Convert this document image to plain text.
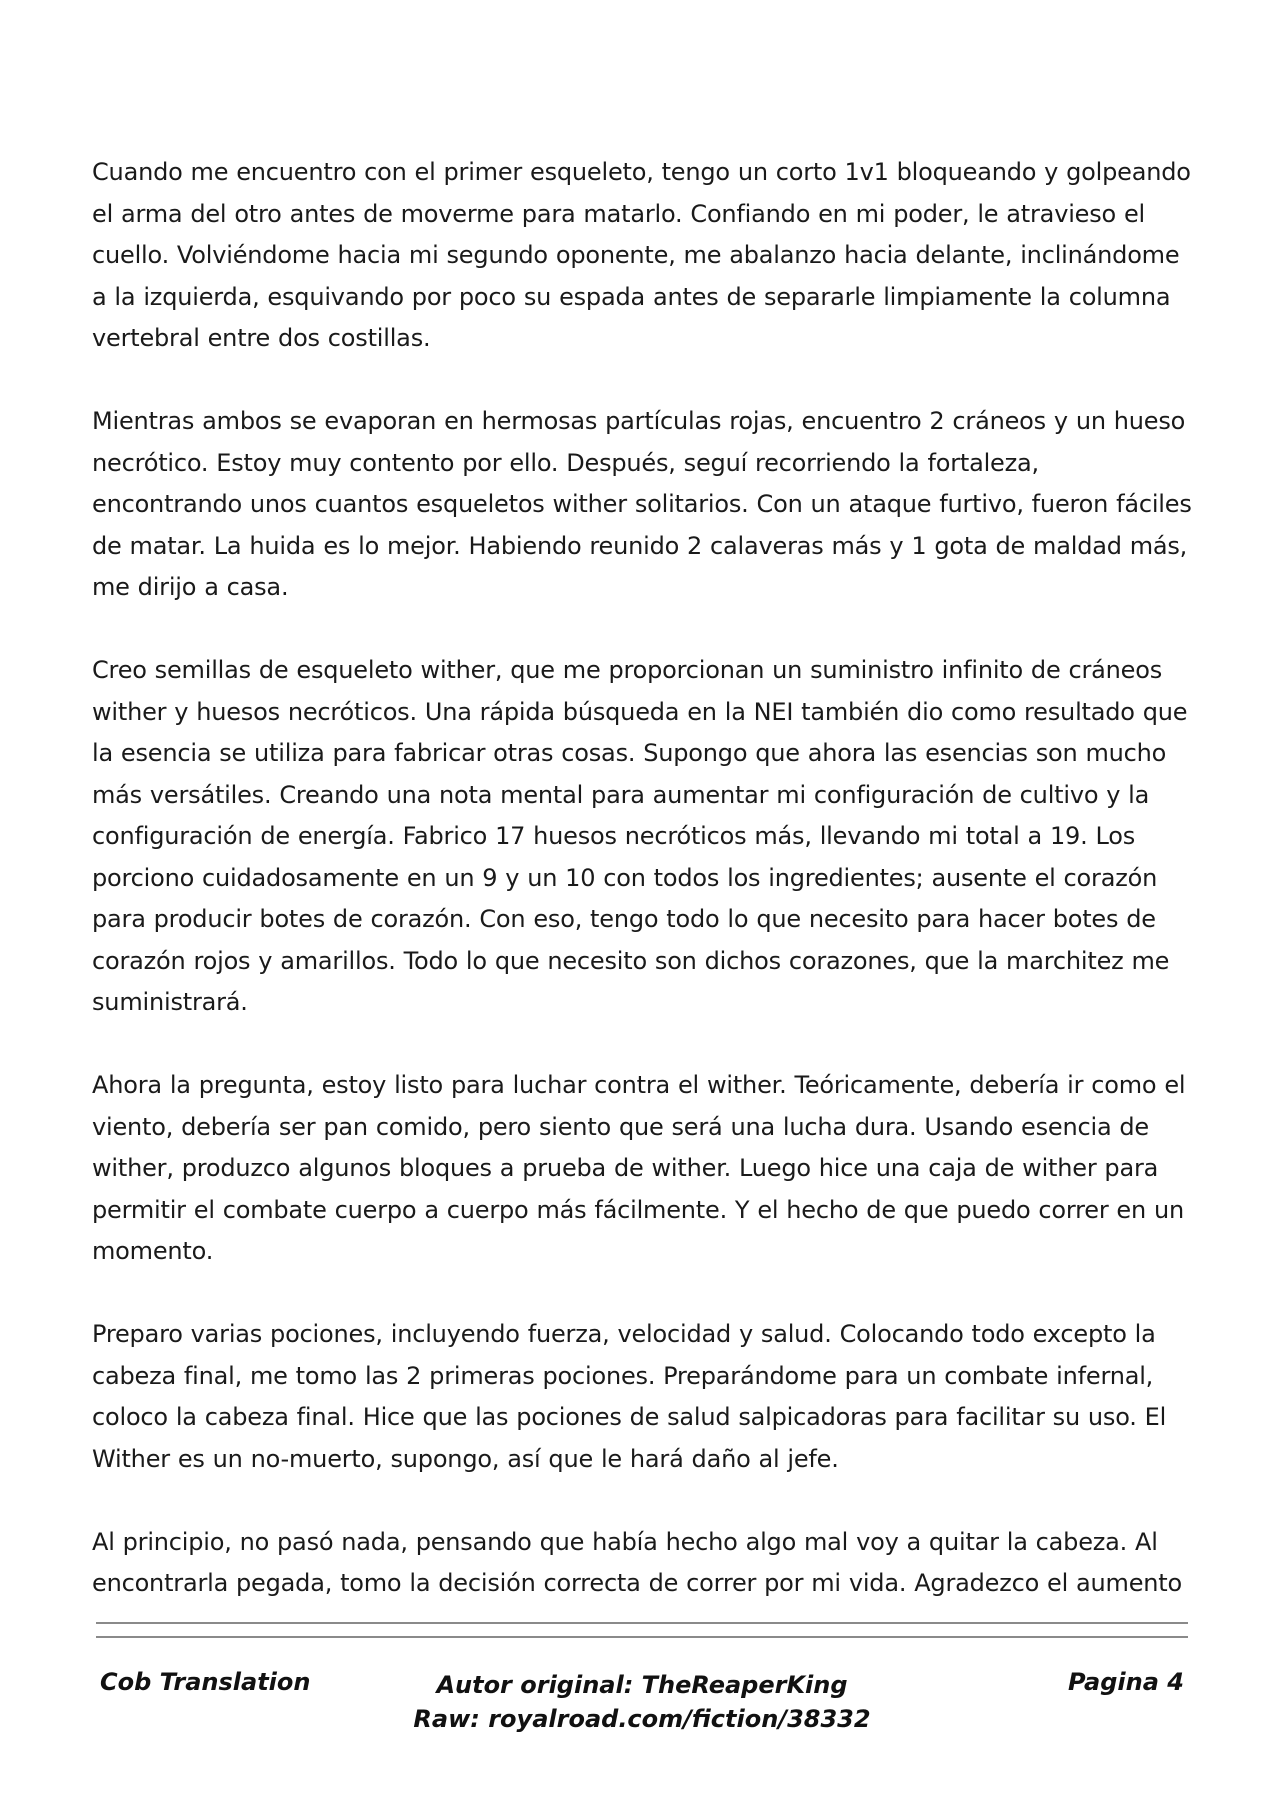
Cuando me encuentro con el primer esqueleto, tengo un corto 1v1 bloqueando y golpeando el arma del otro antes de moverme para matarlo. Confiando en mi poder, le atravieso el cuello. Volviéndome hacia mi segundo oponente, me abalanzo hacia delante, inclinándome a la izquierda, esquivando por poco su espada antes de separarle limpiamente la columna vertebral entre dos costillas.

Mientras ambos se evaporan en hermosas partículas rojas, encuentro 2 cráneos y un hueso necrótico. Estoy muy contento por ello. Después, seguí recorriendo la fortaleza, encontrando unos cuantos esqueletos wither solitarios. Con un ataque furtivo, fueron fáciles de matar. La huida es lo mejor. Habiendo reunido 2 calaveras más y 1 gota de maldad más, me dirijo a casa.

Creo semillas de esqueleto wither, que me proporcionan un suministro infinito de cráneos wither y huesos necróticos. Una rápida búsqueda en la NEI también dio como resultado que la esencia se utiliza para fabricar otras cosas. Supongo que ahora las esencias son mucho más versátiles. Creando una nota mental para aumentar mi configuración de cultivo y la configuración de energía. Fabrico 17 huesos necróticos más, llevando mi total a 19. Los porciono cuidadosamente en un 9 y un 10 con todos los ingredientes; ausente el corazón para producir botes de corazón. Con eso, tengo todo lo que necesito para hacer botes de corazón rojos y amarillos. Todo lo que necesito son dichos corazones, que la marchitez me suministrará.

Ahora la pregunta, estoy listo para luchar contra el wither. Teóricamente, debería ir como el viento, debería ser pan comido, pero siento que será una lucha dura. Usando esencia de wither, produzco algunos bloques a prueba de wither. Luego hice una caja de wither para permitir el combate cuerpo a cuerpo más fácilmente. Y el hecho de que puedo correr en un momento.

Preparo varias pociones, incluyendo fuerza, velocidad y salud. Colocando todo excepto la cabeza final, me tomo las 2 primeras pociones. Preparándome para un combate infernal, coloco la cabeza final. Hice que las pociones de salud salpicadoras para facilitar su uso. El Wither es un no-muerto, supongo, así que le hará daño al jefe.

Al principio, no pasó nada, pensando que había hecho algo mal voy a quitar la cabeza. Al encontrarla pegada, tomo la decisión correcta de correr por mi vida. Agradezco el aumento

Cob Translation	Autor original: TheReaperKing
Raw: royalroad.com/fiction/38332
Pagina 4
